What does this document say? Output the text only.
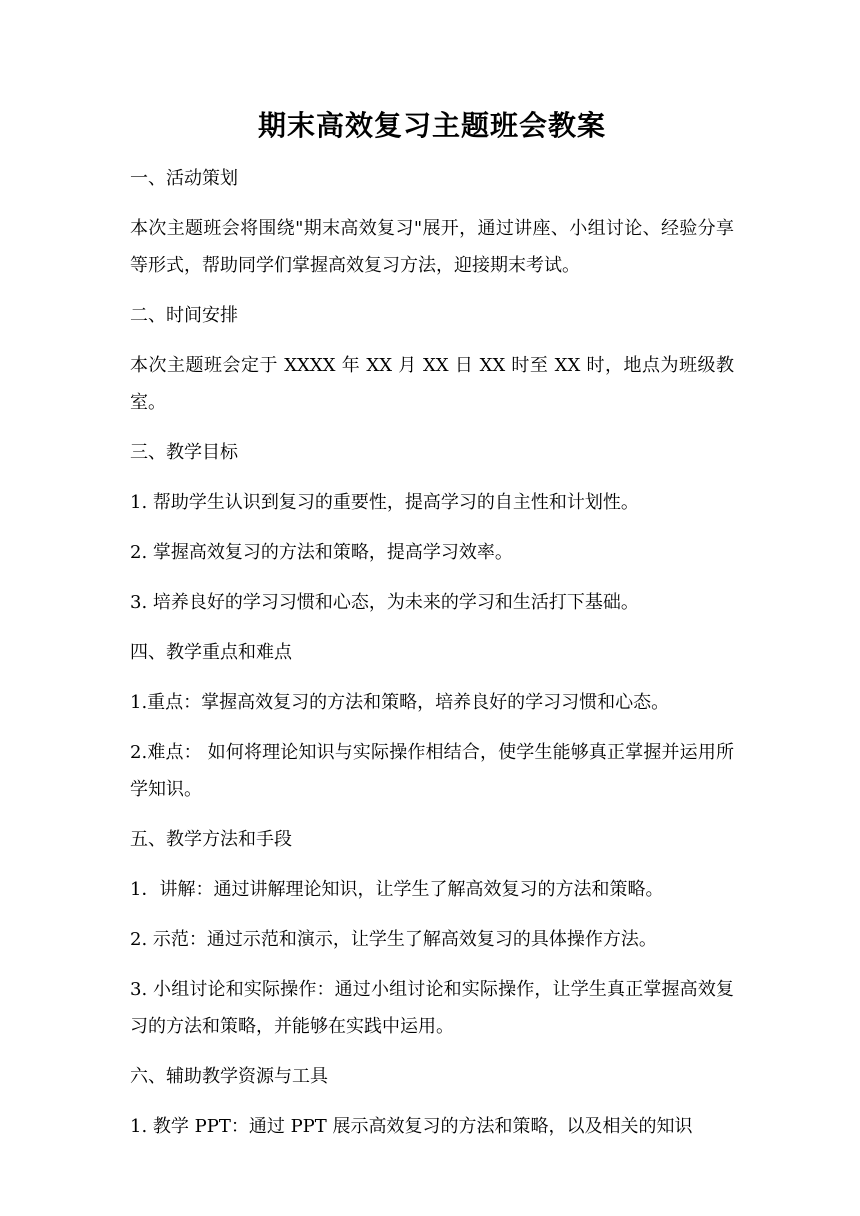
期末高效复习主题班会教案
一、活动策划
本次主题班会将围绕"期末高效复习"展开，通过讲座、小组讨论、经验分享等形式，帮助同学们掌握高效复习方法，迎接期末考试。
二、时间安排
本次主题班会定于 XXXX 年 XX 月 XX 日 XX 时至 XX 时，地点为班级教室。
三、教学目标
1. 帮助学生认识到复习的重要性，提高学习的自主性和计划性。
2. 掌握高效复习的方法和策略，提高学习效率。
3. 培养良好的学习习惯和心态，为未来的学习和生活打下基础。
四、教学重点和难点
1.重点：掌握高效复习的方法和策略，培养良好的学习习惯和心态。
2.难点： 如何将理论知识与实际操作相结合，使学生能够真正掌握并运用所学知识。
五、教学方法和手段
1．讲解：通过讲解理论知识，让学生了解高效复习的方法和策略。
2. 示范：通过示范和演示，让学生了解高效复习的具体操作方法。
3. 小组讨论和实际操作：通过小组讨论和实际操作，让学生真正掌握高效复习的方法和策略，并能够在实践中运用。
六、辅助教学资源与工具
1. 教学 PPT：通过 PPT 展示高效复习的方法和策略，以及相关的知识
